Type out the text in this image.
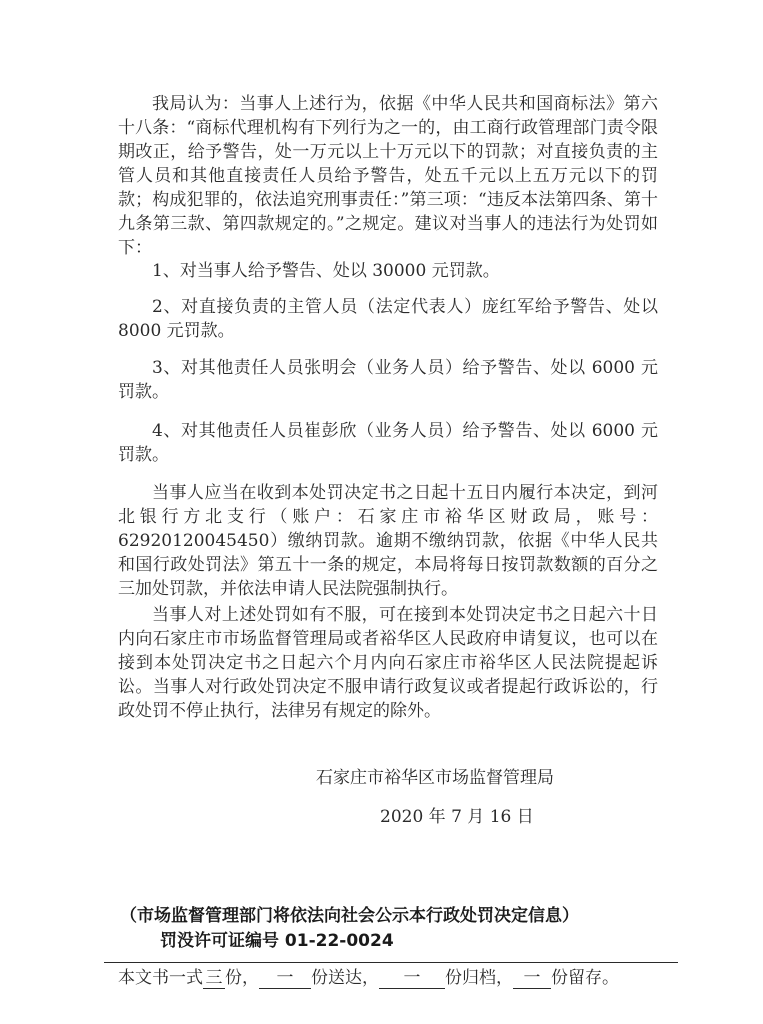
我局认为：当事人上述行为，依据《中华人民共和国商标法》第六十八条：“商标代理机构有下列行为之一的，由工商行政管理部门责令限期改正，给予警告，处一万元以上十万元以下的罚款；对直接负责的主管人员和其他直接责任人员给予警告，处五千元以上五万元以下的罚款；构成犯罪的，依法追究刑事责任：”第三项：“违反本法第四条、第十九条第三款、第四款规定的。”之规定。建议对当事人的违法行为处罚如下：

1、对当事人给予警告、处以 30000 元罚款。

2、对直接负责的主管人员（法定代表人）庞红军给予警告、处以 8000 元罚款。

3、对其他责任人员张明会（业务人员）给予警告、处以 6000 元罚款。

4、对其他责任人员崔彭欣（业务人员）给予警告、处以 6000 元罚款。

当事人应当在收到本处罚决定书之日起十五日内履行本决定，到河北银行方北支行（账户：石家庄市裕华区财政局，账号：62920120045450）缴纳罚款。逾期不缴纳罚款，依据《中华人民共和国行政处罚法》第五十一条的规定，本局将每日按罚款数额的百分之三加处罚款，并依法申请人民法院强制执行。

当事人对上述处罚如有不服，可在接到本处罚决定书之日起六十日内向石家庄市市场监督管理局或者裕华区人民政府申请复议，也可以在接到本处罚决定书之日起六个月内向石家庄市裕华区人民法院提起诉讼。当事人对行政处罚决定不服申请行政复议或者提起行政诉讼的，行政处罚不停止执行，法律另有规定的除外。

石家庄市裕华区市场监督管理局

2020 年 7 月 16 日

（市场监督管理部门将依法向社会公示本行政处罚决定信息）

罚没许可证编号 01-22-0024

本文书一式 三 份， 一 份送达， 一 份归档， 一 份留存。
